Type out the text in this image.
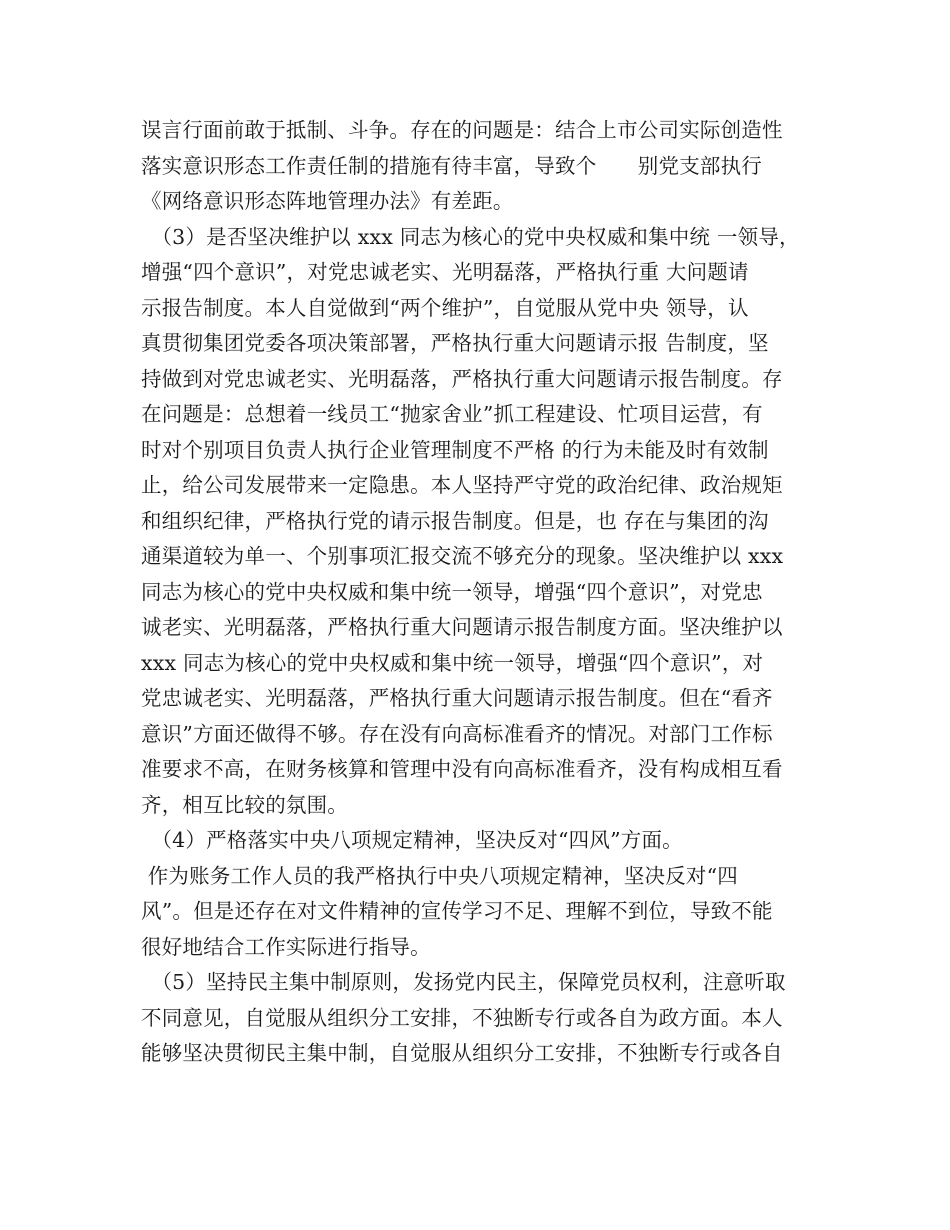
误言行面前敢于抵制、斗争。存在的问题是：结合上市公司实际创造性
落实意识形态工作责任制的措施有待丰富，导致个　　别党支部执行
《网络意识形态阵地管理办法》有差距。
　（3）是否坚决维护以 xxx 同志为核心的党中央权威和集中统 一领导，
增强“四个意识”，对党忠诚老实、光明磊落，严格执行重 大问题请
示报告制度。本人自觉做到“两个维护”，自觉服从党中央 领导，认
真贯彻集团党委各项决策部署，严格执行重大问题请示报 告制度，坚
持做到对党忠诚老实、光明磊落，严格执行重大问题请示报告制度。存
在问题是：总想着一线员工“抛家舍业”抓工程建设、忙项目运营，有
时对个别项目负责人执行企业管理制度不严格 的行为未能及时有效制
止，给公司发展带来一定隐患。本人坚持严守党的政治纪律、政治规矩
和组织纪律，严格执行党的请示报告制度。但是，也 存在与集团的沟
通渠道较为单一、个别事项汇报交流不够充分的现象。坚决维护以 xxx
同志为核心的党中央权威和集中统一领导，增强“四个意识”，对党忠
诚老实、光明磊落，严格执行重大问题请示报告制度方面。坚决维护以
xxx 同志为核心的党中央权威和集中统一领导，增强“四个意识”，对
党忠诚老实、光明磊落，严格执行重大问题请示报告制度。但在“看齐
意识”方面还做得不够。存在没有向高标准看齐的情况。对部门工作标
准要求不高，在财务核算和管理中没有向高标准看齐，没有构成相互看
齐，相互比较的氛围。
　（4）严格落实中央八项规定精神，坚决反对“四风”方面。
作为账务工作人员的我严格执行中央八项规定精神，坚决反对“四
风”。但是还存在对文件精神的宣传学习不足、理解不到位，导致不能
很好地结合工作实际进行指导。
　（5）坚持民主集中制原则，发扬党内民主，保障党员权利，注意听取
不同意见，自觉服从组织分工安排，不独断专行或各自为政方面。本人
能够坚决贯彻民主集中制，自觉服从组织分工安排，不独断专行或各自
